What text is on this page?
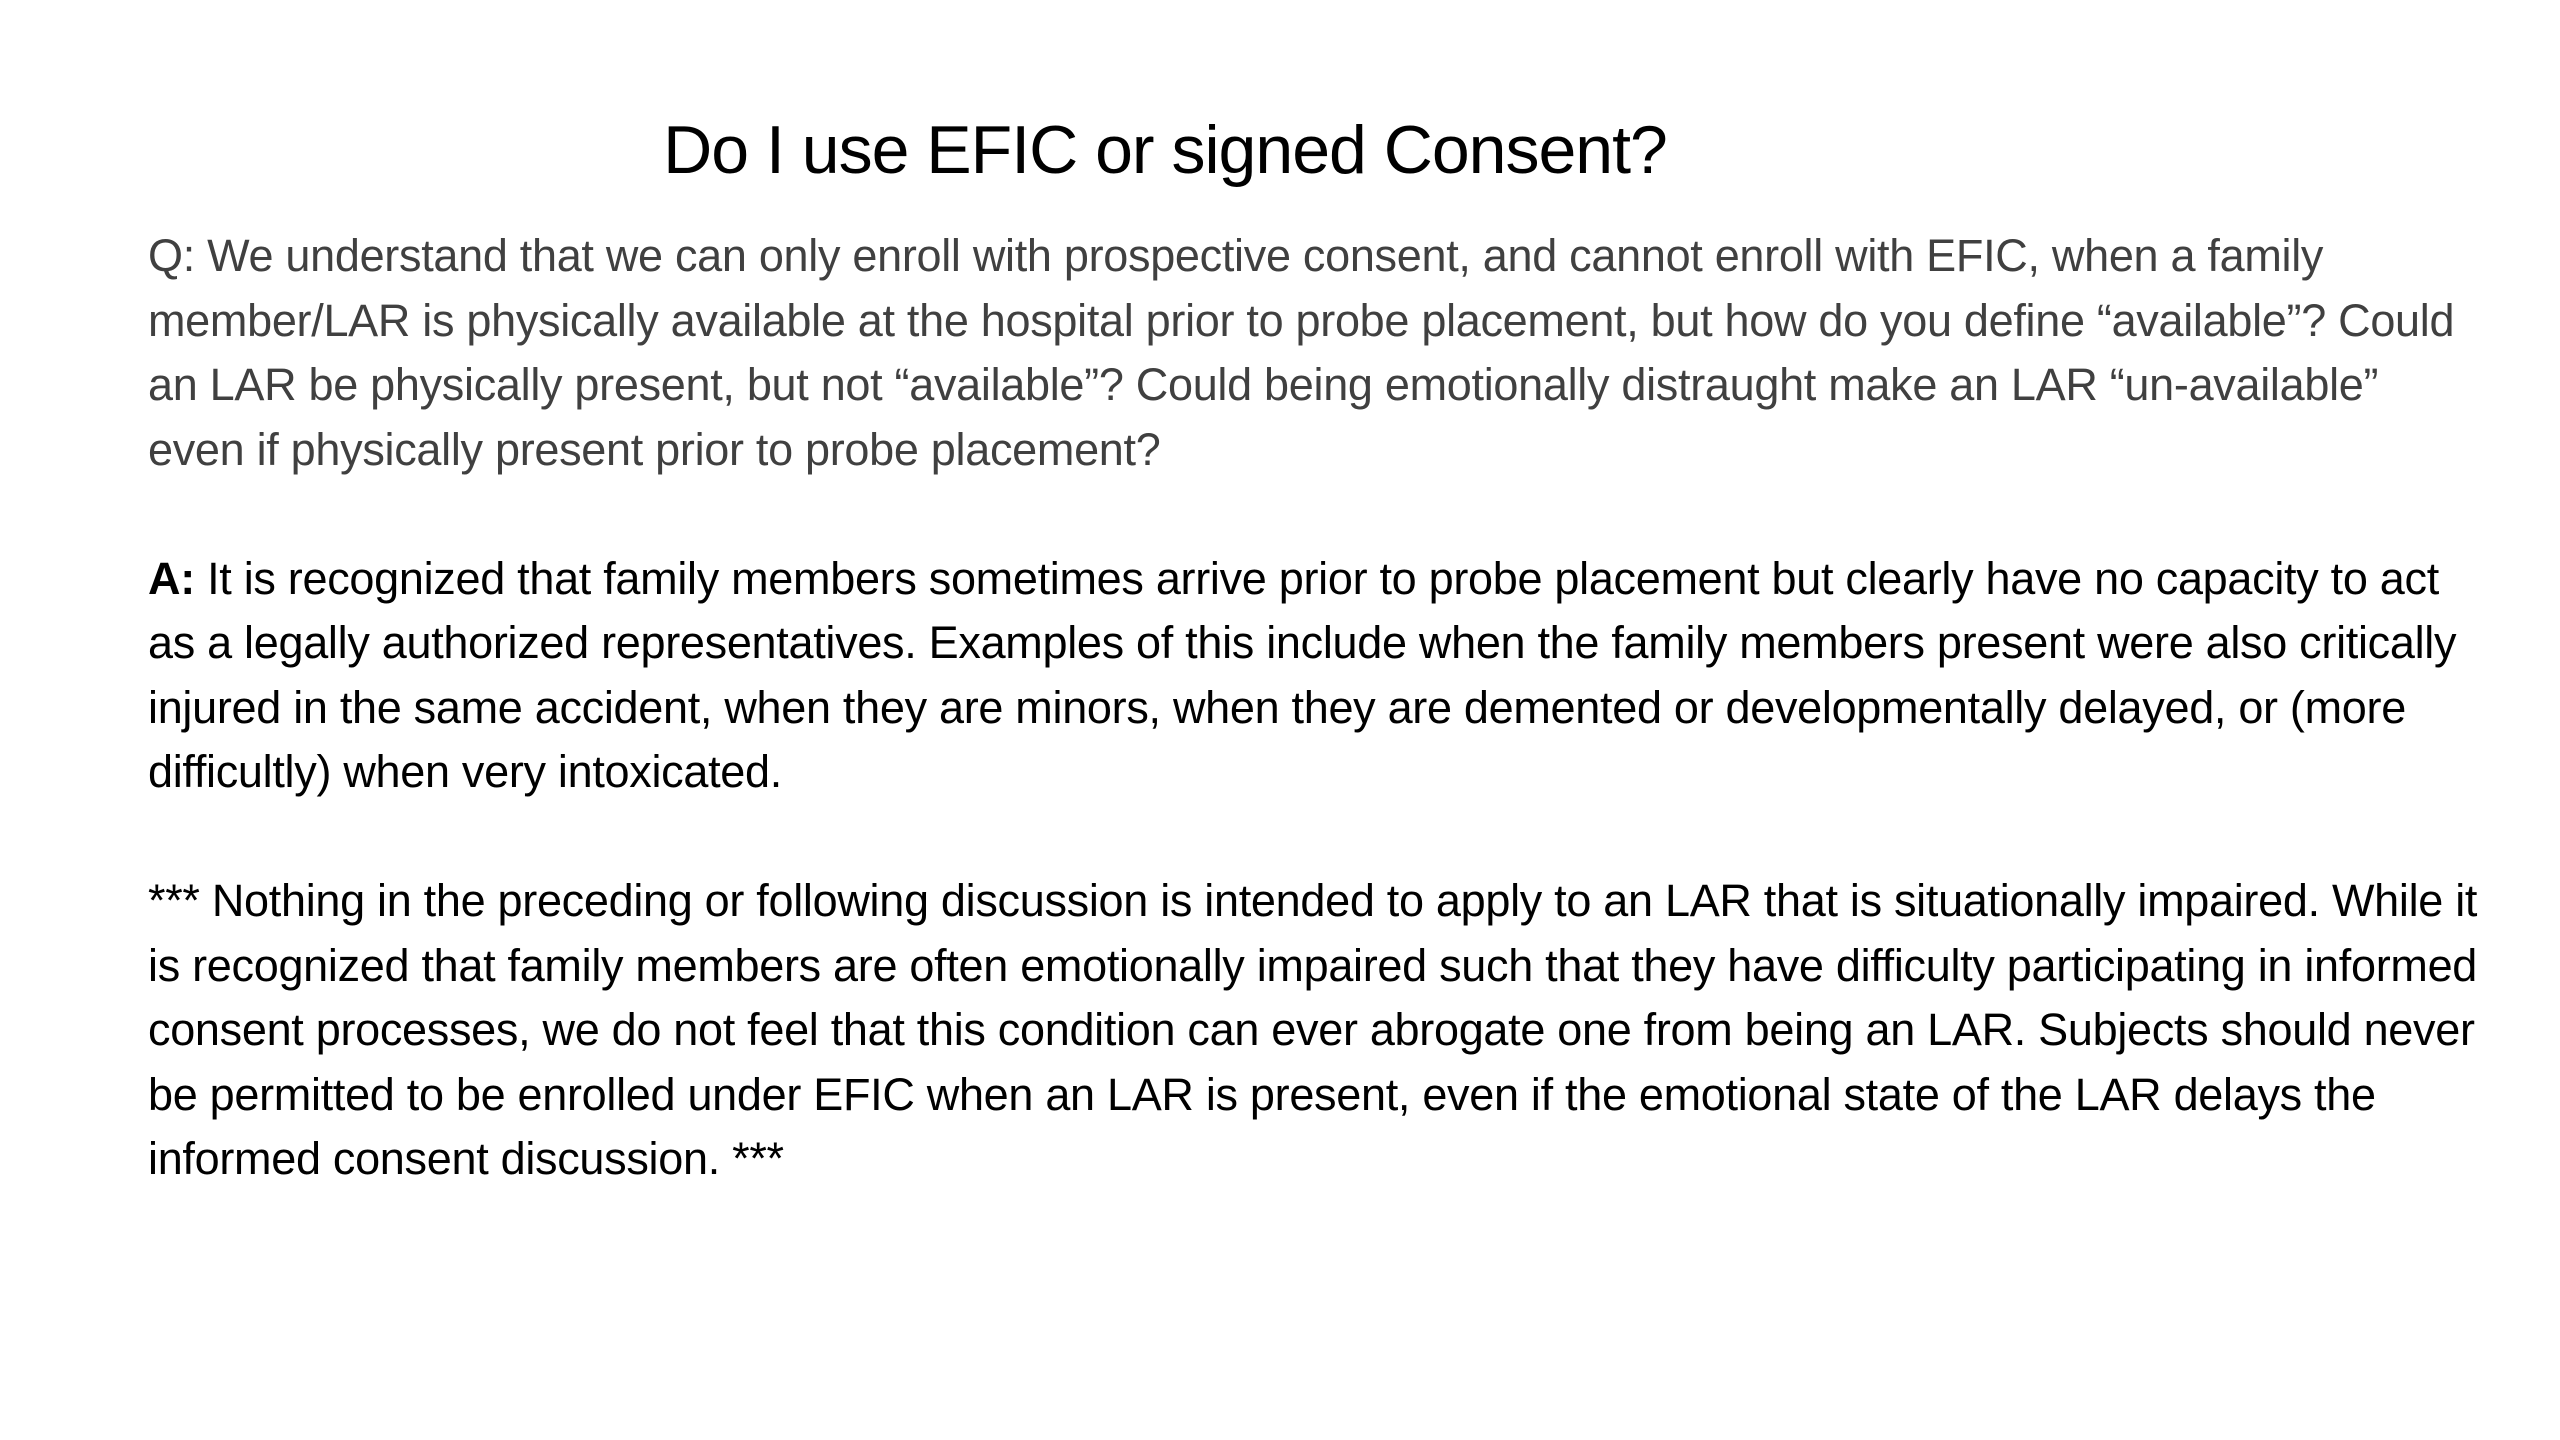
Do I use EFIC or signed Consent?

Q: We understand that we can only enroll with prospective consent, and cannot enroll with EFIC, when a family member/LAR is physically available at the hospital prior to probe placement, but how do you define “available”? Could an LAR be physically present, but not “available”? Could being emotionally distraught make an LAR “un-available” even if physically present prior to probe placement?

A: It is recognized that family members sometimes arrive prior to probe placement but clearly have no capacity to act as a legally authorized representatives. Examples of this include when the family members present were also critically injured in the same accident, when they are minors, when they are demented or developmentally delayed, or (more difficultly) when very intoxicated.

*** Nothing in the preceding or following discussion is intended to apply to an LAR that is situationally impaired. While it is recognized that family members are often emotionally impaired such that they have difficulty participating in informed consent processes, we do not feel that this condition can ever abrogate one from being an LAR. Subjects should never be permitted to be enrolled under EFIC when an LAR is present, even if the emotional state of the LAR delays the informed consent discussion. ***
